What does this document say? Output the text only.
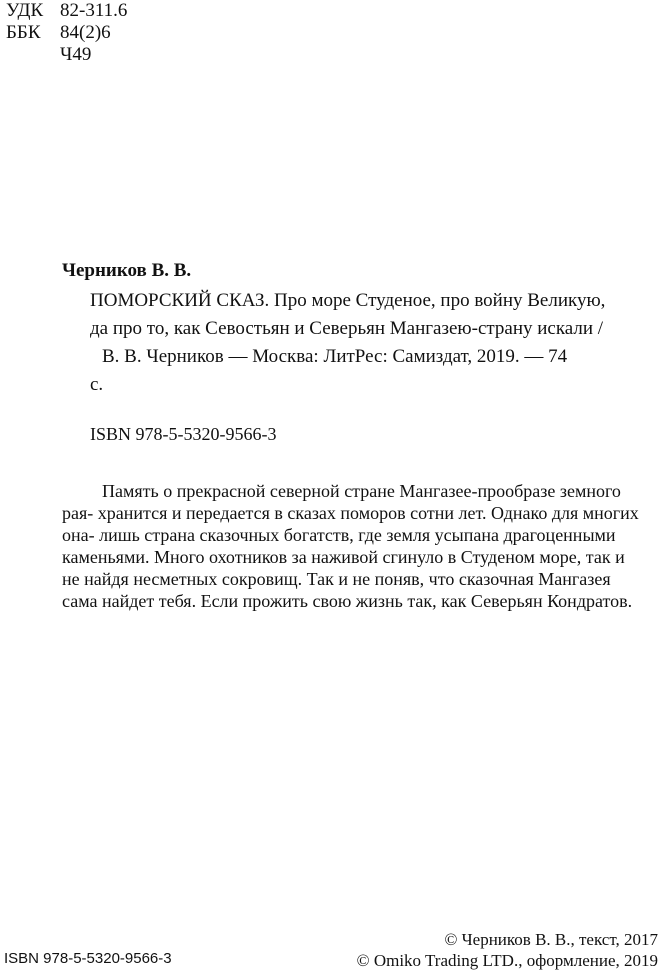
УДК 82-311.6
ББК 84(2)6
Ч49
Черников В. В.
ПОМОРСКИЙ СКАЗ. Про море Студеное, про войну Великую,
да про то, как Севостьян и Северьян Мангазею-страну искали /
В. В. Черников — Москва: ЛитРес: Самиздат, 2019. — 74
с.
ISBN 978-5-5320-9566-3
Память о прекрасной северной стране Мангазее-прообразе земного
рая- хранится и передается в сказах поморов сотни лет. Однако для многих
она- лишь страна сказочных богатств, где земля усыпана драгоценными
каменьями. Много охотников за наживой сгинуло в Студеном море, так и
не найдя несметных сокровищ. Так и не поняв, что сказочная Мангазея
сама найдет тебя. Если прожить свою жизнь так, как Северьян Кондратов.
ISBN 978-5-5320-9566-3
© Черников В. В., текст, 2017
© Omiko Trading LTD., оформление, 2019
